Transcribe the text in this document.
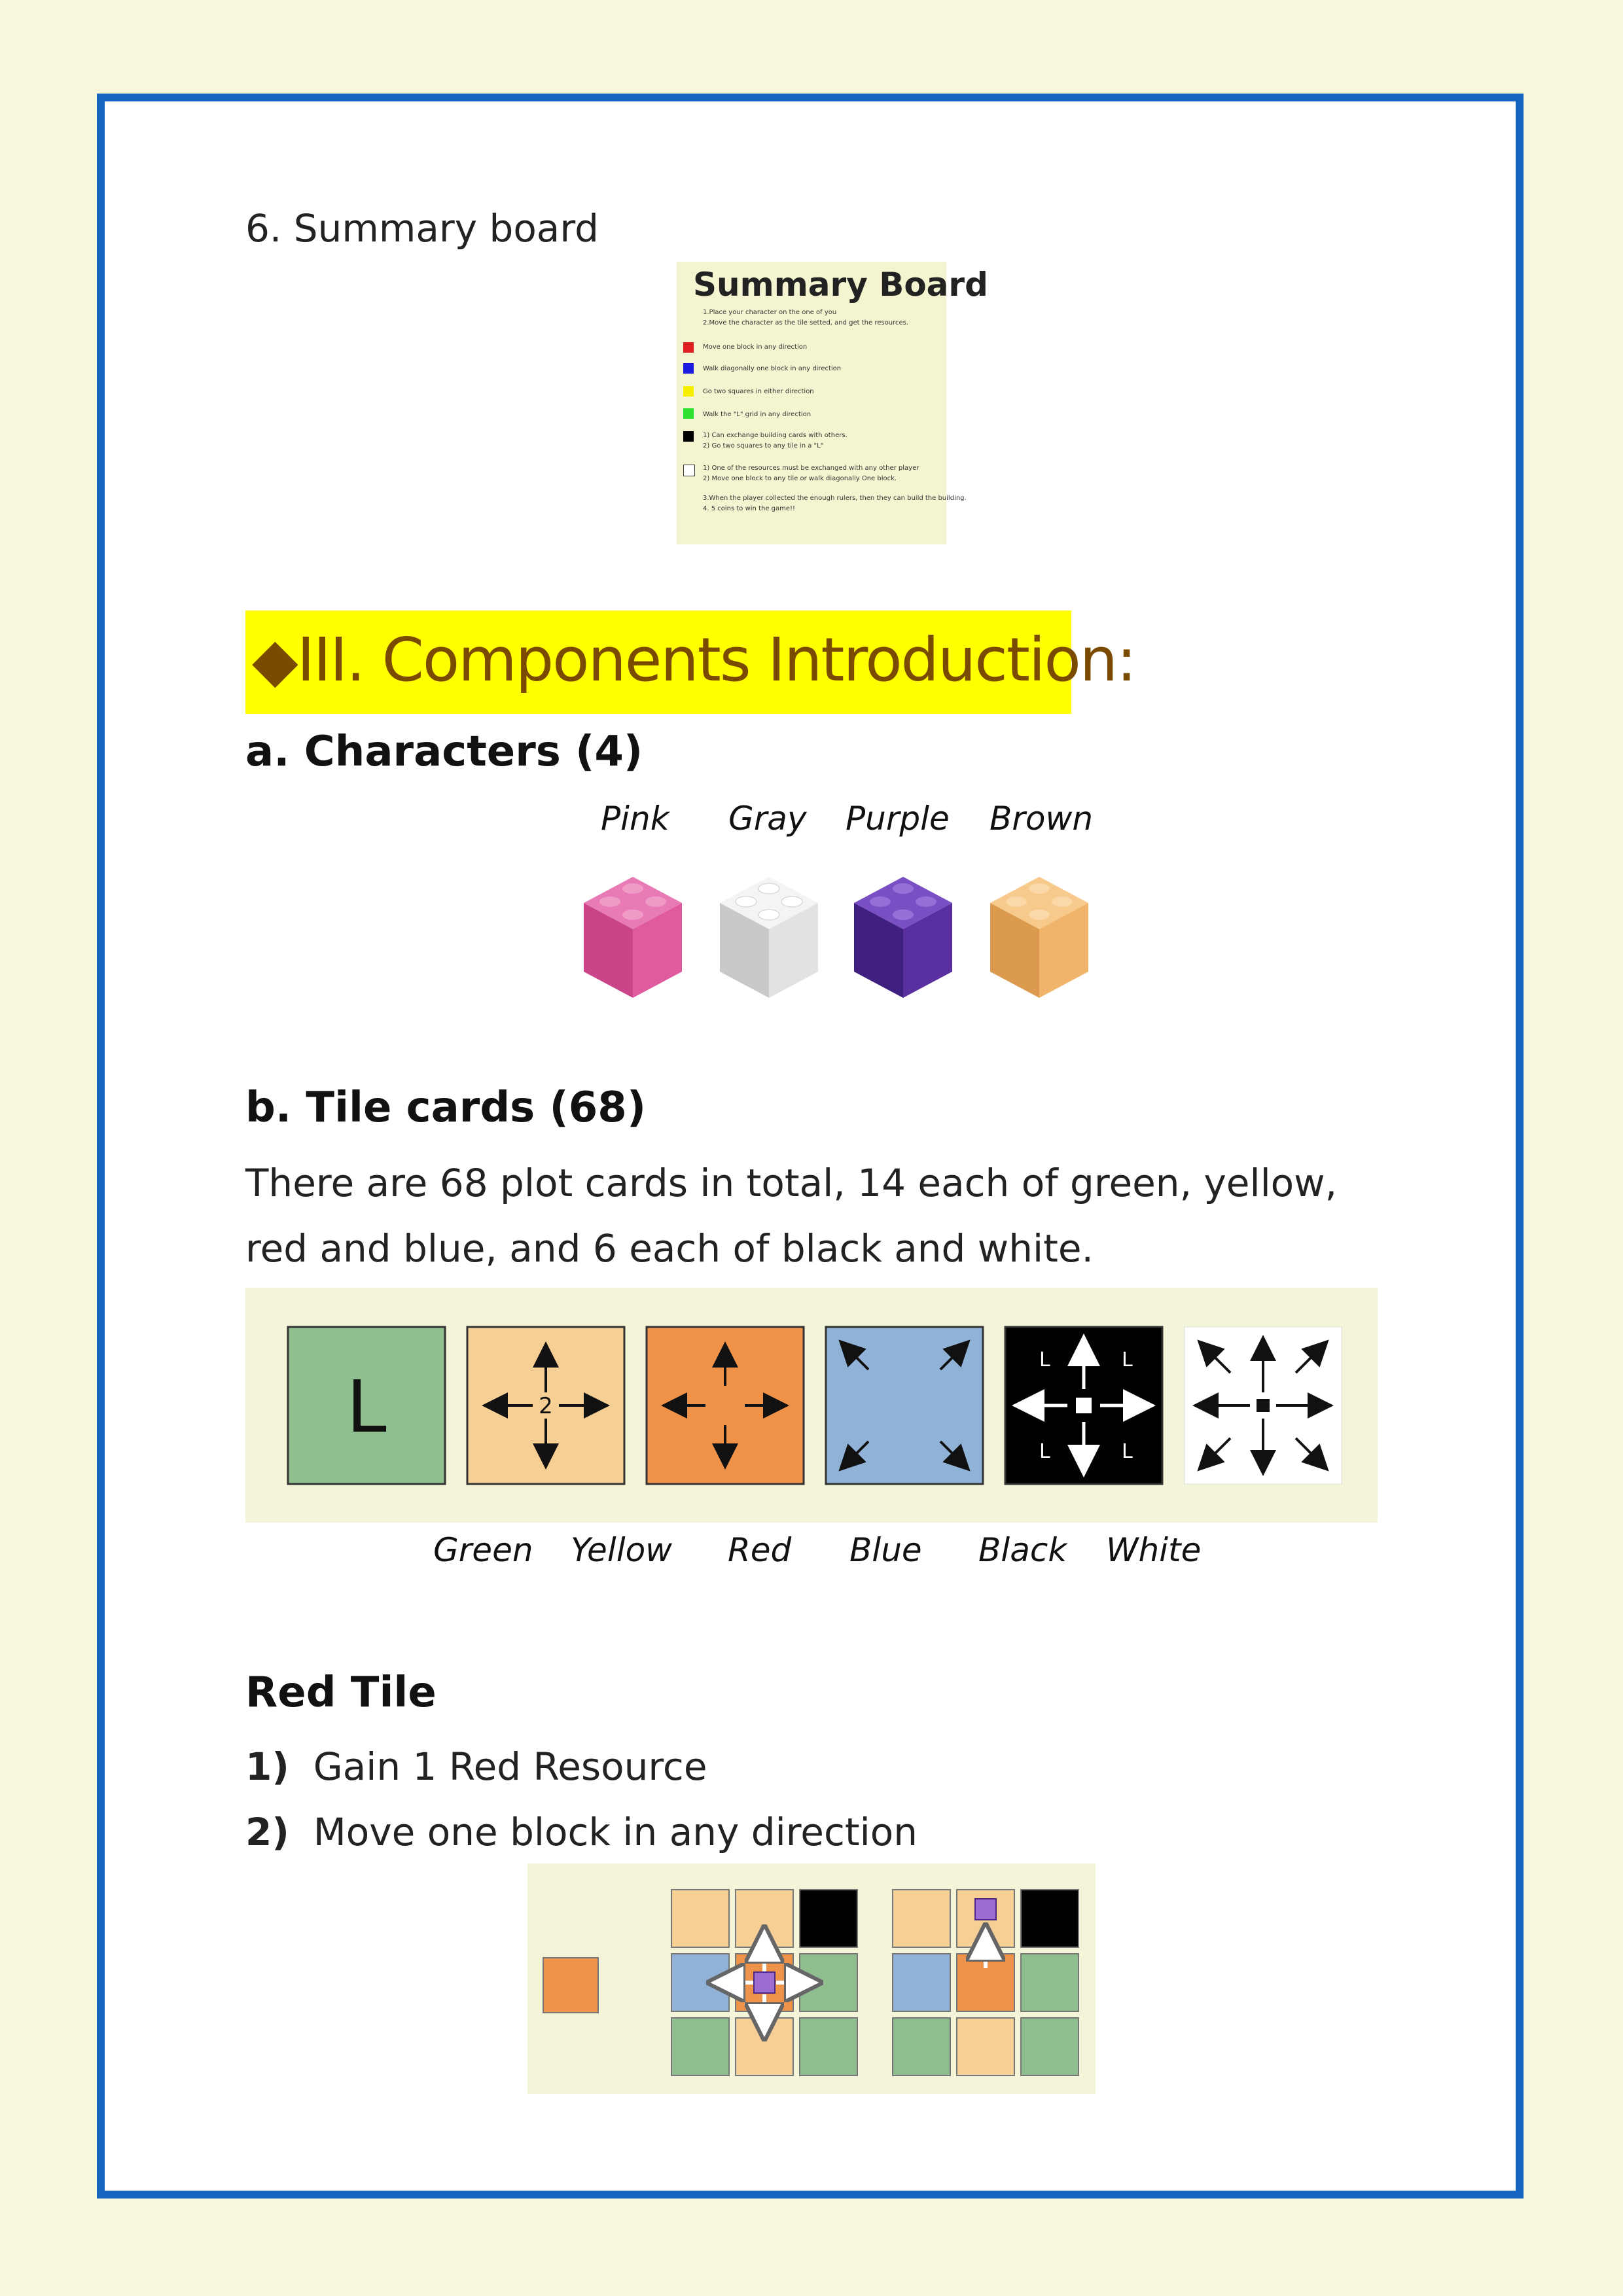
6. Summary board
Summary Board
1.Place your character on the one of you
2.Move the character as the tile setted, and get the resources.
Move one block in any direction
Walk diagonally one block in any direction
Go two squares in either direction
Walk the "L" grid in any direction
1) Can exchange building cards with others.
2) Go two squares to any tile in a "L"
1) One of the resources must be exchanged with any other player
2) Move one block to any tile or walk diagonally One block.
3.When the player collected the enough rulers, then they can build the building.
4. 5 coins to win the game!!
◆III. Components Introduction:
a. Characters (4)
Pink Gray Purple Brown
b. Tile cards (68)
There are 68 plot cards in total, 14 each of green, yellow, red and blue, and 6 each of black and white.
L	2
L	L
L	L
Green Yellow Red Blue Black White
Red Tile
1) Gain 1 Red Resource
2) Move one block in any direction
